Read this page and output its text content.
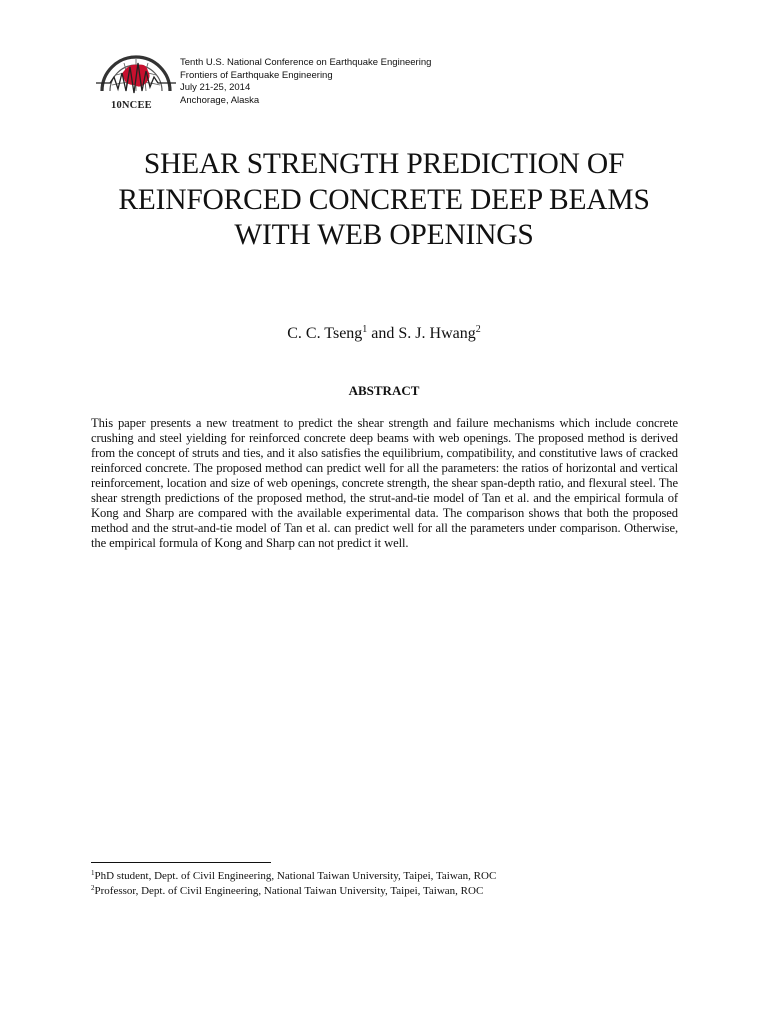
10NCEE
Tenth U.S. National Conference on Earthquake Engineering
Frontiers of Earthquake Engineering
July 21-25, 2014
Anchorage, Alaska
SHEAR STRENGTH PREDICTION OF
REINFORCED CONCRETE DEEP BEAMS
WITH WEB OPENINGS
C. C. Tseng$^1$ and S. J. Hwang$^2$
ABSTRACT
This paper presents a new treatment to predict the shear strength and failure mechanisms which include concrete crushing and steel yielding for reinforced concrete deep beams with web openings. The proposed method is derived from the concept of struts and ties, and it also satisfies the equilibrium, compatibility, and constitutive laws of cracked reinforced concrete. The proposed method can predict well for all the parameters: the ratios of horizontal and vertical reinforcement, location and size of web openings, concrete strength, the shear span-depth ratio, and flexural steel. The shear strength predictions of the proposed method, the strut-and-tie model of Tan et al. and the empirical formula of Kong and Sharp are compared with the available experimental data. The comparison shows that both the proposed method and the strut-and-tie model of Tan et al. can predict well for all the parameters under comparison. Otherwise, the empirical formula of Kong and Sharp can not predict it well.
$^1$PhD student, Dept. of Civil Engineering, National Taiwan University, Taipei, Taiwan, ROC
$^2$Professor, Dept. of Civil Engineering, National Taiwan University, Taipei, Taiwan, ROC
